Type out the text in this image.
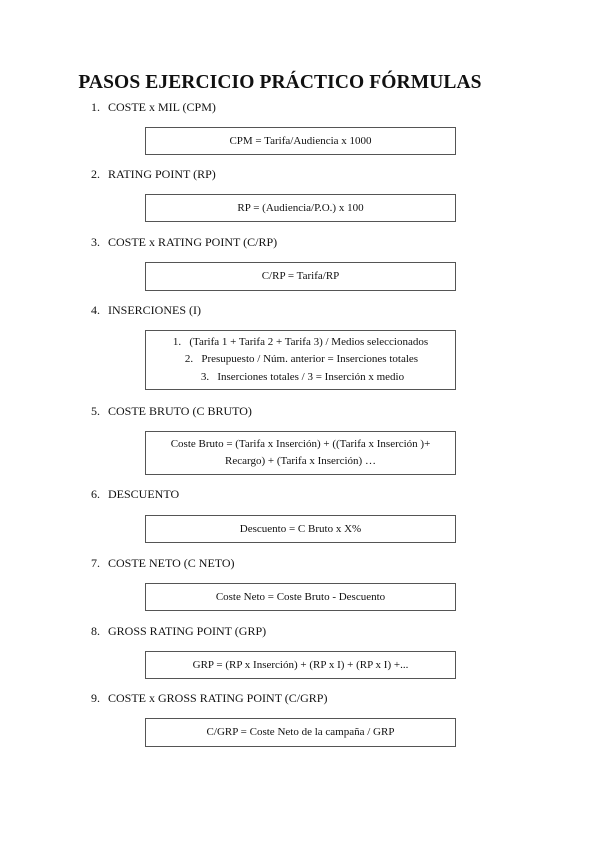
PASOS EJERCICIO PRÁCTICO FÓRMULAS
1. COSTE x MIL (CPM)
CPM = Tarifa/Audiencia x 1000
2. RATING POINT (RP)
RP = (Audiencia/P.O.) x 100
3. COSTE x RATING POINT (C/RP)
C/RP = Tarifa/RP
4. INSERCIONES (I)
1. (Tarifa 1 + Tarifa 2 + Tarifa 3) / Medios seleccionados
2. Presupuesto / Núm. anterior = Inserciones totales
3. Inserciones totales / 3 = Inserción x medio
5. COSTE BRUTO (C BRUTO)
Coste Bruto = (Tarifa x Inserción) + ((Tarifa x Inserción )+
Recargo) + (Tarifa x Inserción) …
6. DESCUENTO
Descuento = C Bruto x X%
7. COSTE NETO (C NETO)
Coste Neto = Coste Bruto - Descuento
8. GROSS RATING POINT (GRP)
GRP = (RP x Inserción) + (RP x I) + (RP x I) +...
9. COSTE x GROSS RATING POINT (C/GRP)
C/GRP = Coste Neto de la campaña / GRP
